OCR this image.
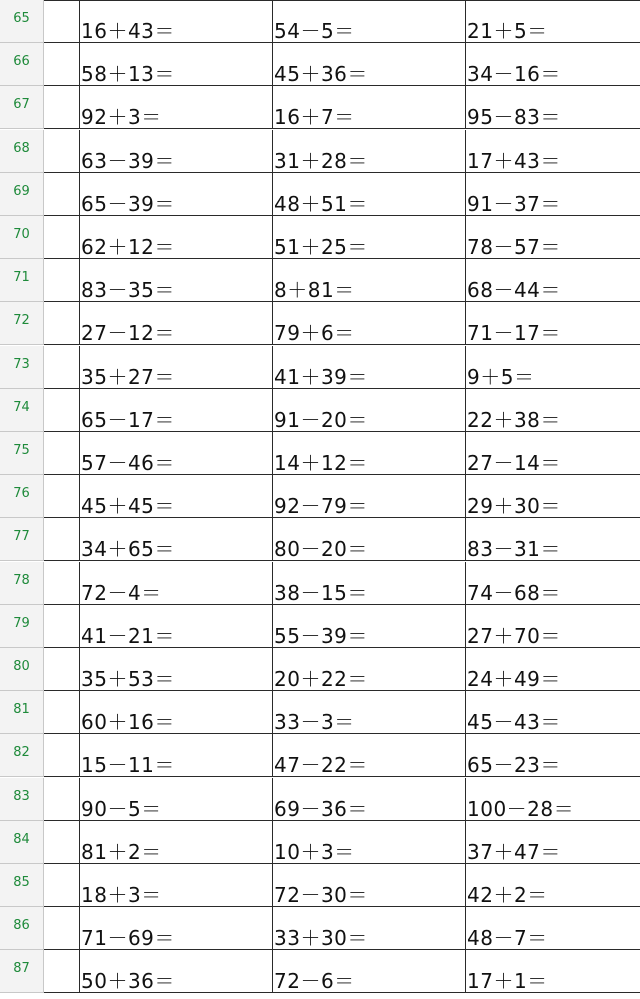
65
16＋43＝	54－5＝	21＋5＝
66
58＋13＝	45＋36＝	34－16＝
67
92＋3＝	16＋7＝	95－83＝
68
63－39＝	31＋28＝	17＋43＝
69
65－39＝	48＋51＝	91－37＝
70
62＋12＝	51＋25＝	78－57＝
71
83－35＝	8＋81＝	68－44＝
72
27－12＝	79＋6＝	71－17＝
73
35＋27＝	41＋39＝	9＋5＝
74
65－17＝	91－20＝	22＋38＝
75
57－46＝	14＋12＝	27－14＝
76
45＋45＝	92－79＝	29＋30＝
77
34＋65＝	80－20＝	83－31＝
78
72－4＝	38－15＝	74－68＝
79
41－21＝	55－39＝	27＋70＝
80
35＋53＝	20＋22＝	24＋49＝
81
60＋16＝	33－3＝	45－43＝
82
15－11＝	47－22＝	65－23＝
83
90－5＝	69－36＝	100－28＝
84
81＋2＝	10＋3＝	37＋47＝
85
18＋3＝	72－30＝	42＋2＝
86
71－69＝	33＋30＝	48－7＝
87
50＋36＝	72－6＝	17＋1＝
